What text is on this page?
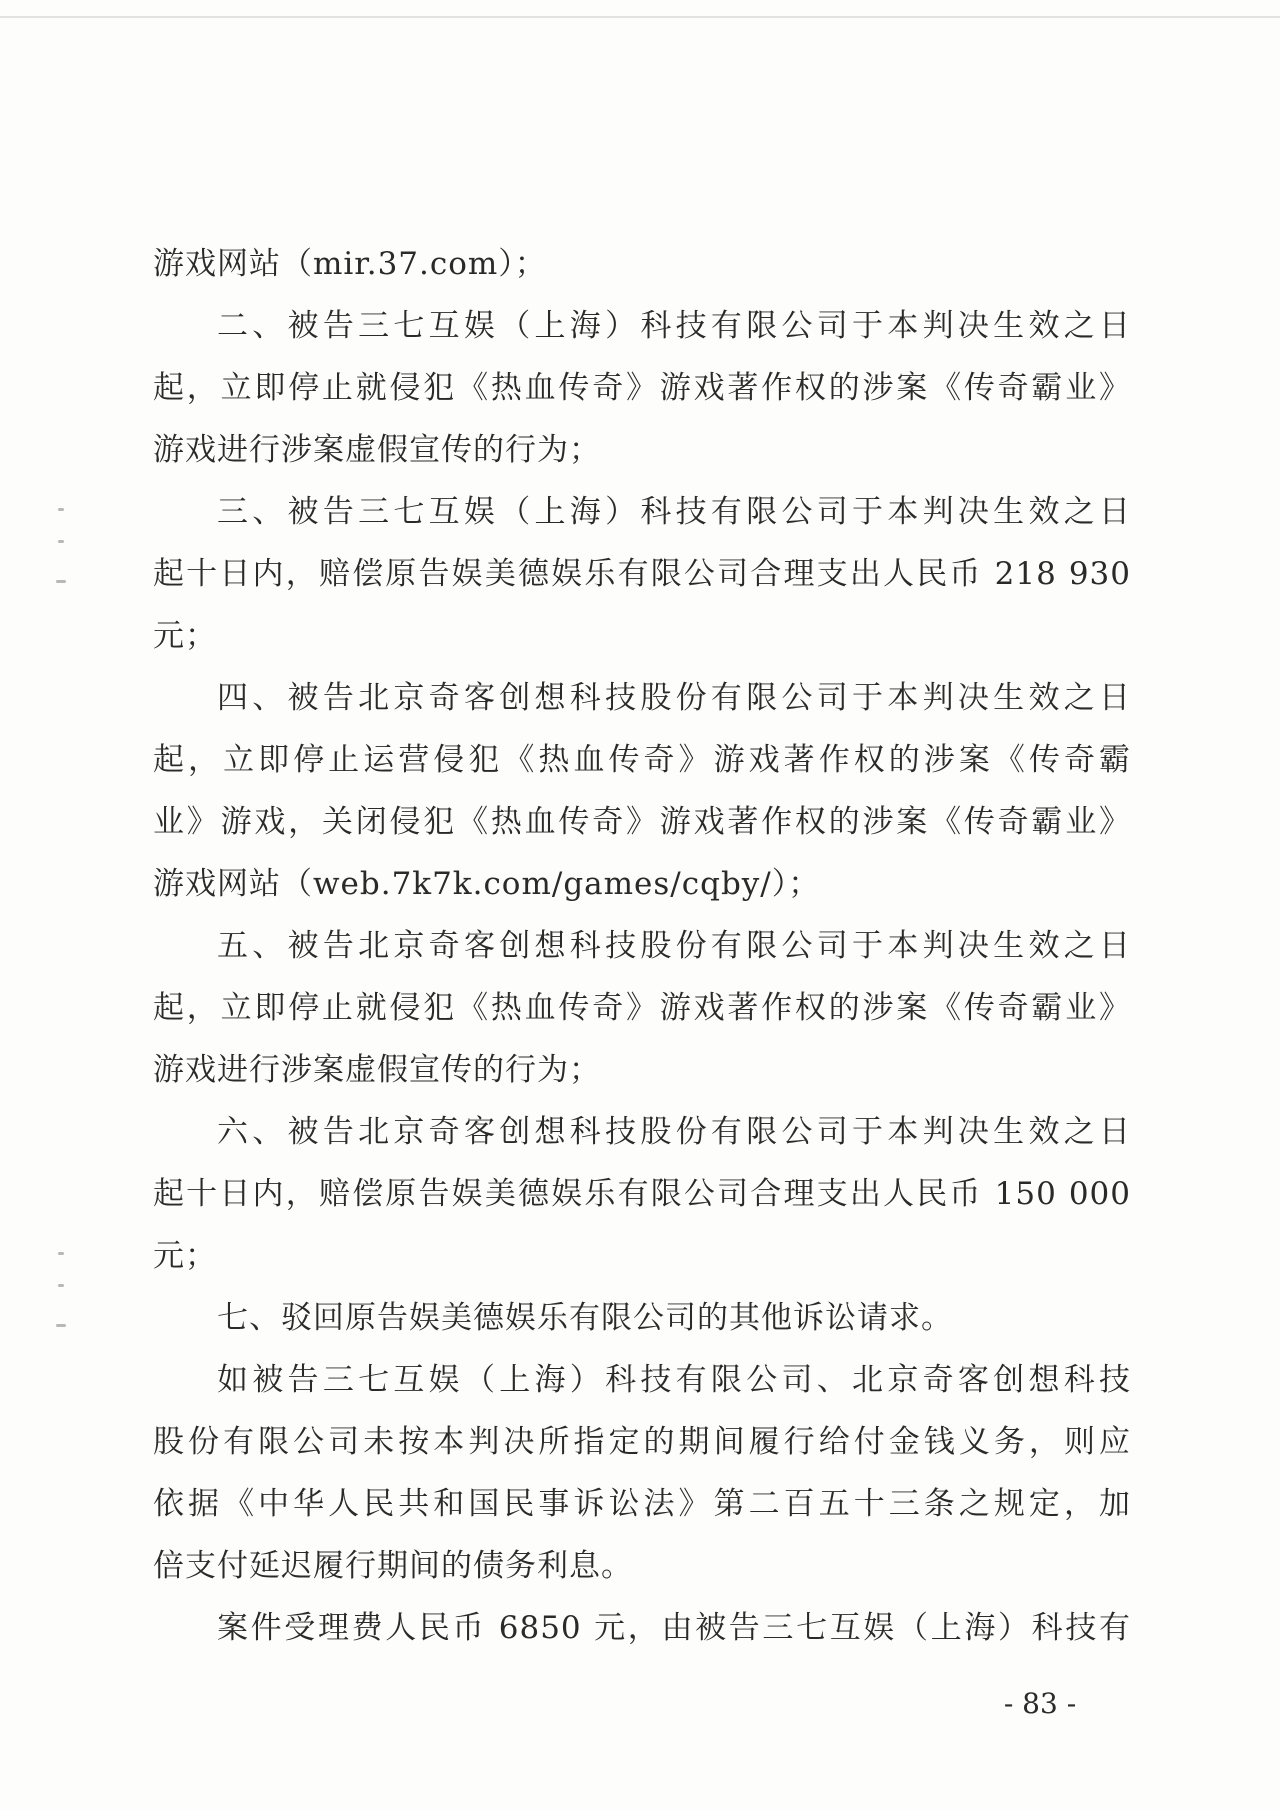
游戏网站（mir.37.com）；
二、被告三七互娱（上海）科技有限公司于本判决生效之日
起，立即停止就侵犯《热血传奇》游戏著作权的涉案《传奇霸业》
游戏进行涉案虚假宣传的行为；
三、被告三七互娱（上海）科技有限公司于本判决生效之日
起十日内，赔偿原告娱美德娱乐有限公司合理支出人民币 218 930
元；
四、被告北京奇客创想科技股份有限公司于本判决生效之日
起，立即停止运营侵犯《热血传奇》游戏著作权的涉案《传奇霸
业》游戏，关闭侵犯《热血传奇》游戏著作权的涉案《传奇霸业》
游戏网站（web.7k7k.com/games/cqby/）；
五、被告北京奇客创想科技股份有限公司于本判决生效之日
起，立即停止就侵犯《热血传奇》游戏著作权的涉案《传奇霸业》
游戏进行涉案虚假宣传的行为；
六、被告北京奇客创想科技股份有限公司于本判决生效之日
起十日内，赔偿原告娱美德娱乐有限公司合理支出人民币 150 000
元；
七、驳回原告娱美德娱乐有限公司的其他诉讼请求。
如被告三七互娱（上海）科技有限公司、北京奇客创想科技
股份有限公司未按本判决所指定的期间履行给付金钱义务，则应
依据《中华人民共和国民事诉讼法》第二百五十三条之规定，加
倍支付延迟履行期间的债务利息。
案件受理费人民币 6850 元，由被告三七互娱（上海）科技有
- 83 -
